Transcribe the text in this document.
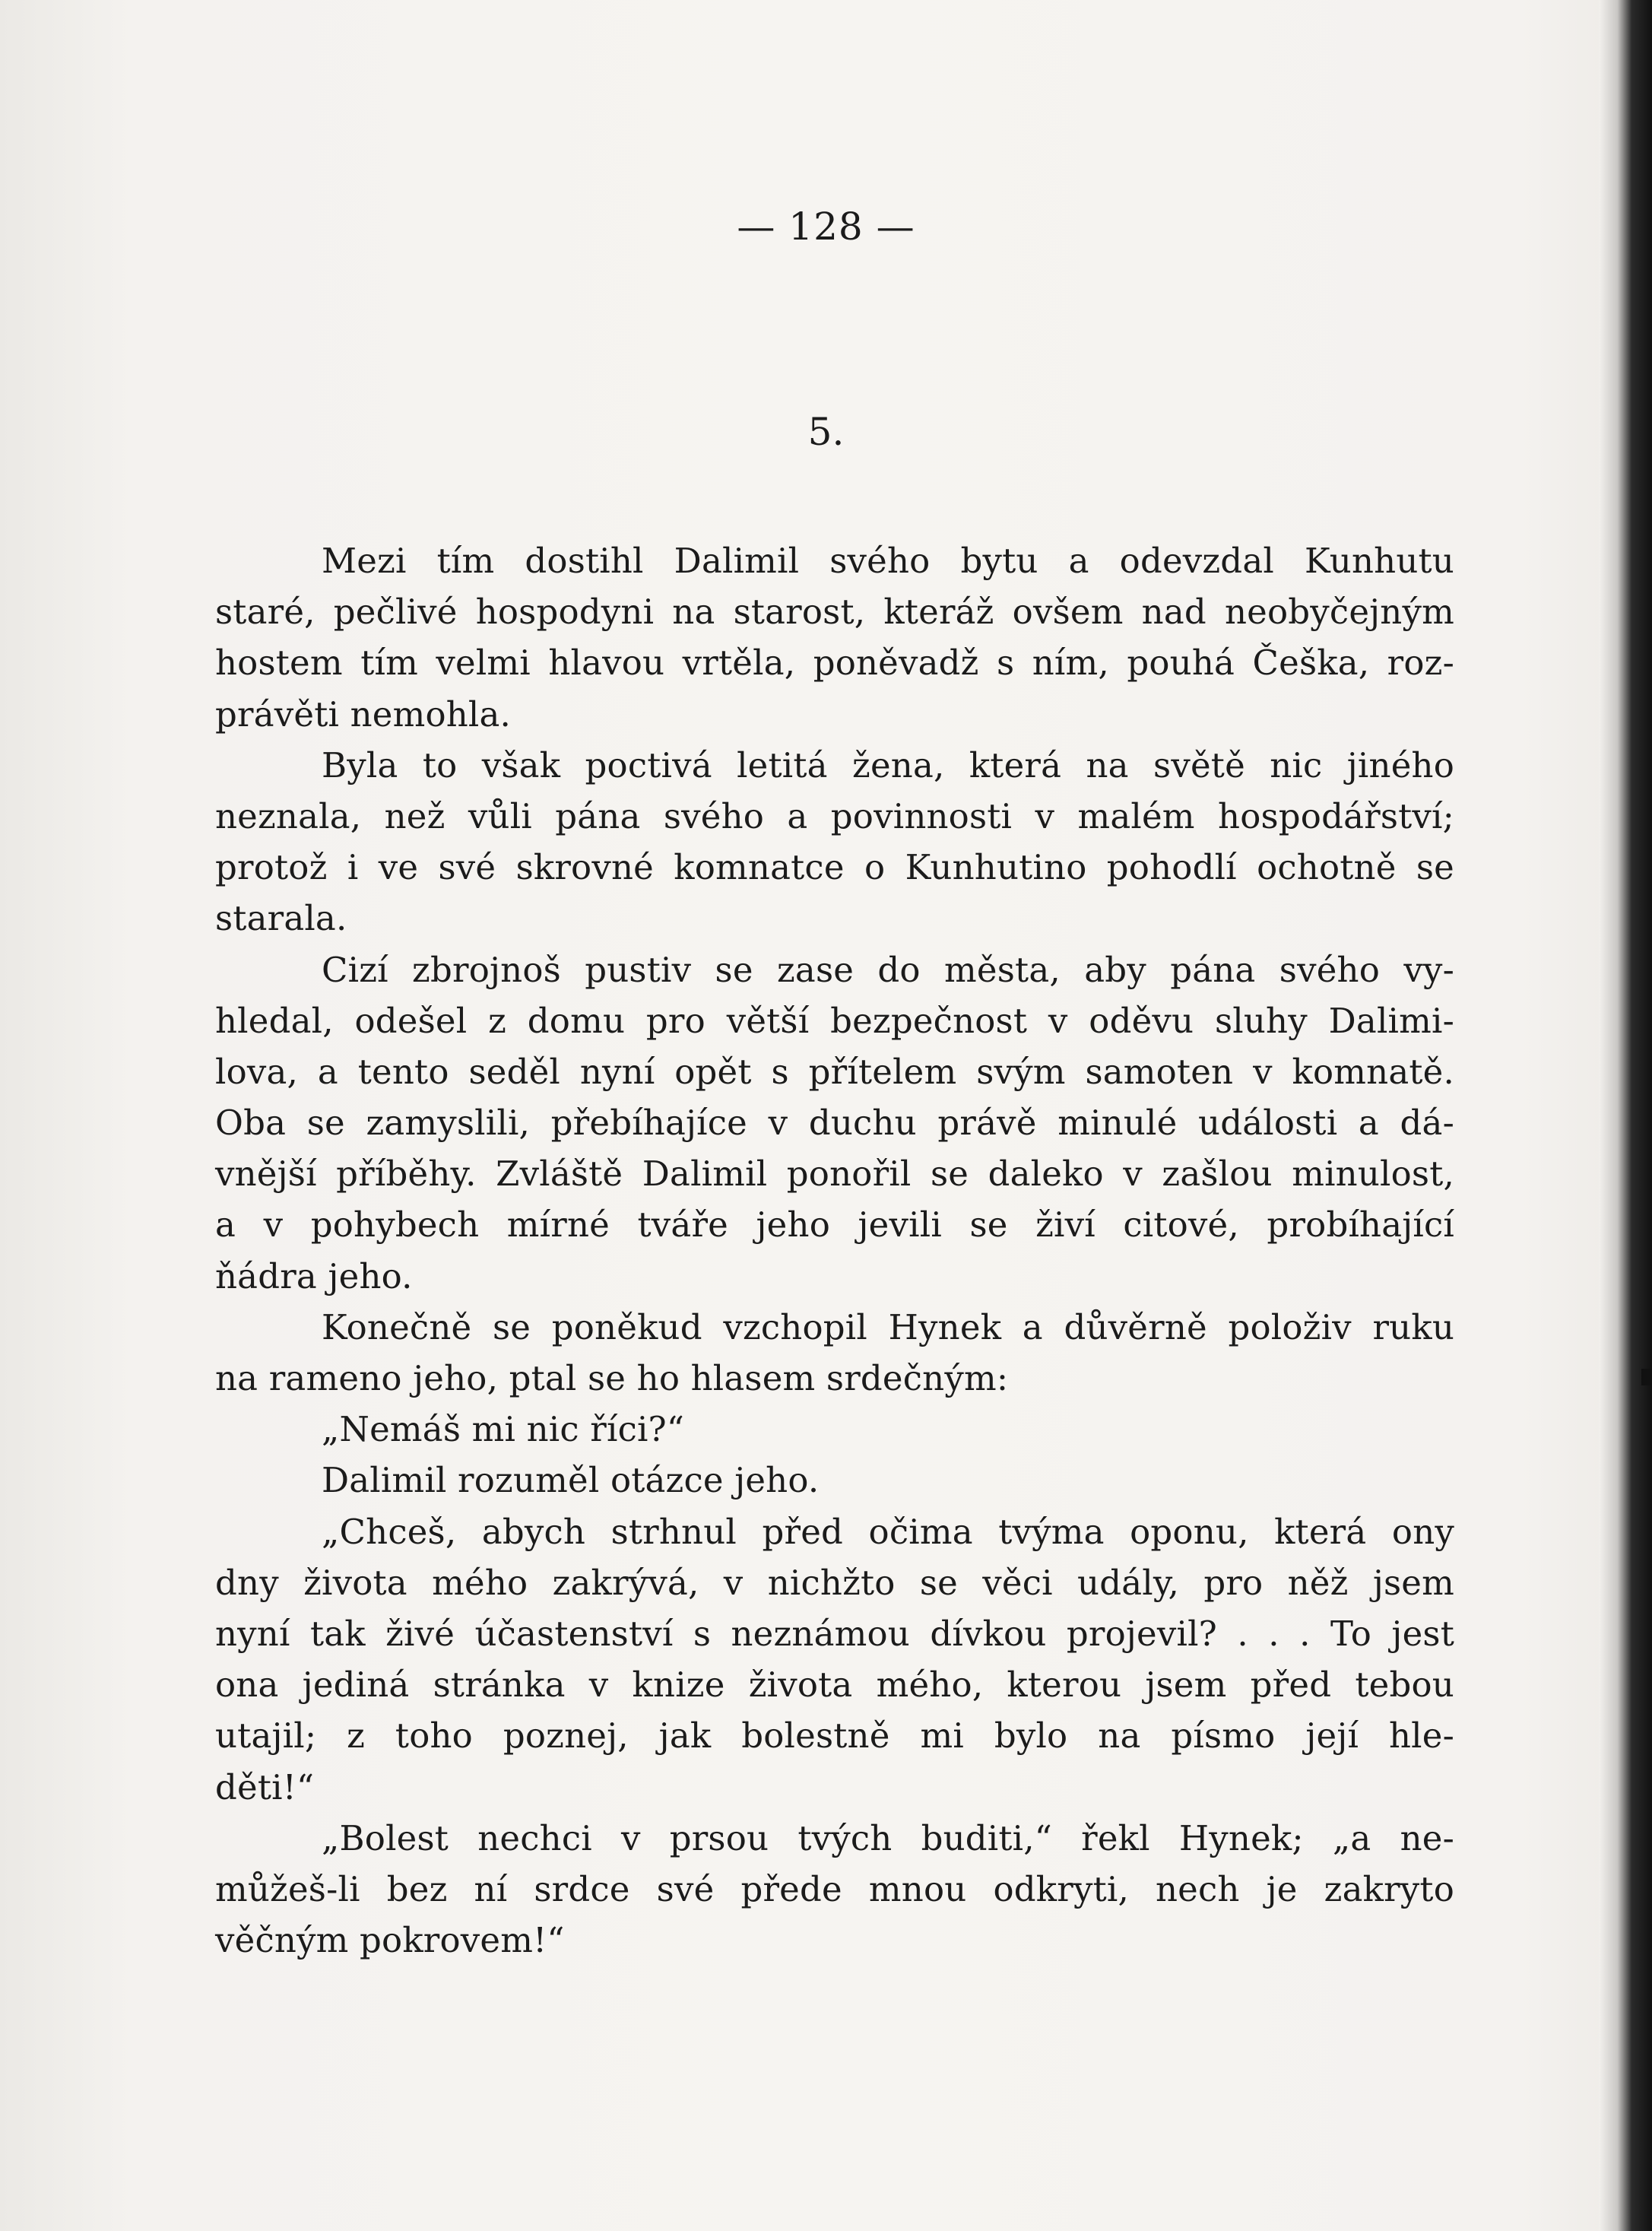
— 128 —
5.
Mezi tím dostihl Dalimil svého bytu a odevzdal Kunhutu
staré, pečlivé hospodyni na starost, kteráž ovšem nad neobyčejným
hostem tím velmi hlavou vrtěla, poněvadž s ním, pouhá Češka, roz-
právěti nemohla.
Byla to však poctivá letitá žena, která na světě nic jiného
neznala, než vůli pána svého a povinnosti v malém hospodářství;
protož i ve své skrovné komnatce o Kunhutino pohodlí ochotně se
starala.
Cizí zbrojnoš pustiv se zase do města, aby pána svého vy-
hledal, odešel z domu pro větší bezpečnost v oděvu sluhy Dalimi-
lova, a tento seděl nyní opět s přítelem svým samoten v komnatě.
Oba se zamyslili, přebíhajíce v duchu právě minulé události a dá-
vnější příběhy. Zvláště Dalimil ponořil se daleko v zašlou minulost,
a v pohybech mírné tváře jeho jevili se živí citové, probíhající
ňádra jeho.
Konečně se poněkud vzchopil Hynek a důvěrně položiv ruku
na rameno jeho, ptal se ho hlasem srdečným:
„Nemáš mi nic říci?“
Dalimil rozuměl otázce jeho.
„Chceš, abych strhnul před očima tvýma oponu, která ony
dny života mého zakrývá, v nichžto se věci udály, pro něž jsem
nyní tak živé účastenství s neznámou dívkou projevil? . . . To jest
ona jediná stránka v knize života mého, kterou jsem před tebou
utajil; z toho poznej, jak bolestně mi bylo na písmo její hle-
děti!“
„Bolest nechci v prsou tvých buditi,“ řekl Hynek; „a ne-
můžeš-li bez ní srdce své přede mnou odkryti, nech je zakryto
věčným pokrovem!“
